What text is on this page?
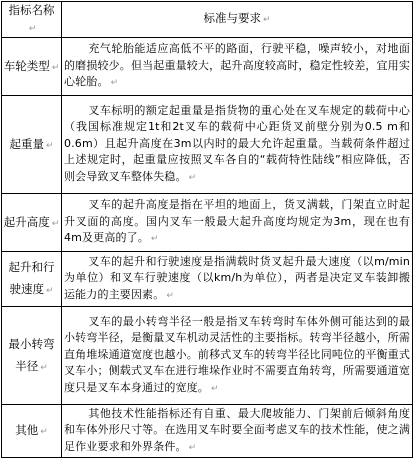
指标名称↵	标准与要求 ↵
车轮类型 ↵	充气轮胎能适应高低不平的路面，行驶平稳，噪声较小，对地面的磨损较少。但当起重量较大，起升高度较高时，稳定性较差，宜用实心轮胎。 ↵
起重量 ↵	叉车标明的额定起重量是指货物的重心处在叉车规定的载荷中心（我国标准规定1t和2t叉车的载荷中心距货叉前壁分别为0.5 m和0.6m）且起升高度在3m以内时的最大允许起重量。当载荷条件超过上述规定时，起重量应按照叉车各自的“载荷特性陆线”相应降低，否则会导致叉车整体失稳。 ↵
起升高度 ↵	叉车的起升高度是指在平坦的地面上，货叉满载，门架直立时起升叉面的高度。国内叉车一般最大起升高度均规定为3m，现在也有4m及更高的了。 ↵
起升和行驶速度 ↵	叉车的起升和行驶速度是指满载时货叉起升最大速度（以m/min为单位）和叉车行驶速度（以km/h为单位），两者是决定叉车装卸搬运能力的主要因素。 ↵
最小转弯半径 ↵	叉车的最小转弯半径一般是指叉车转弯时车体外侧可能达到的最小转弯半径，是衡量叉车机动灵活性的主要指标。转弯半径越小，所需直角堆垛通道宽度也越小。前移式叉车的转弯半径比同吨位的平衡重式叉车小；侧载式叉车在进行堆垛作业时不需要直角转弯，所需要通道宽度只是叉车本身通过的宽度。 ↵
其他 ↵	其他技术性能指标还有自重、最大爬坡能力、门架前后倾斜角度和车体外形尺寸等。在选用叉车时要全面考虑叉车的技术性能，使之满足作业要求和外界条件。 ↵
